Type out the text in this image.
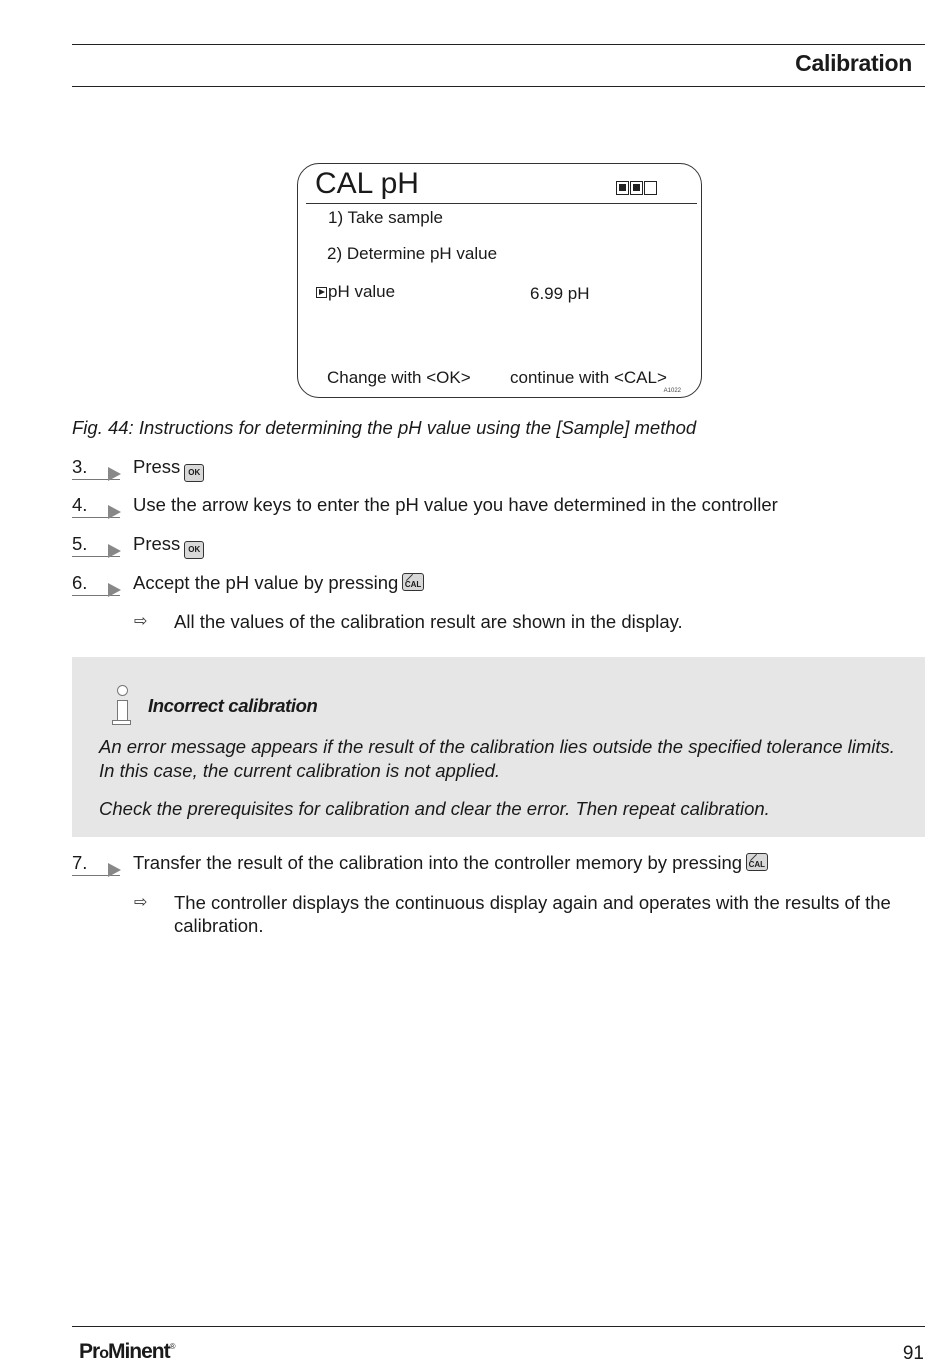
Calibration
CAL pH
1) Take sample
2) Determine pH value
pH value	6.99 pH
Change with <OK> continue with <CAL>
A1022
Fig. 44: Instructions for determining the pH value using the [Sample] method
3.	Press OK
4.	Use the arrow keys to enter the pH value you have determined in the controller
5.	Press OK
6.	Accept the pH value by pressing CAL
⇨ All the values of the calibration result are shown in the display.
Incorrect calibration
An error message appears if the result of the calibration lies outside the specified tolerance limits. In this case, the current calibration is not applied.
Check the prerequisites for calibration and clear the error. Then repeat calibration.
7.	Transfer the result of the calibration into the controller memory by pressing CAL
⇨ The controller displays the continuous display again and operates with the results of the calibration.
ProMinent®	91
